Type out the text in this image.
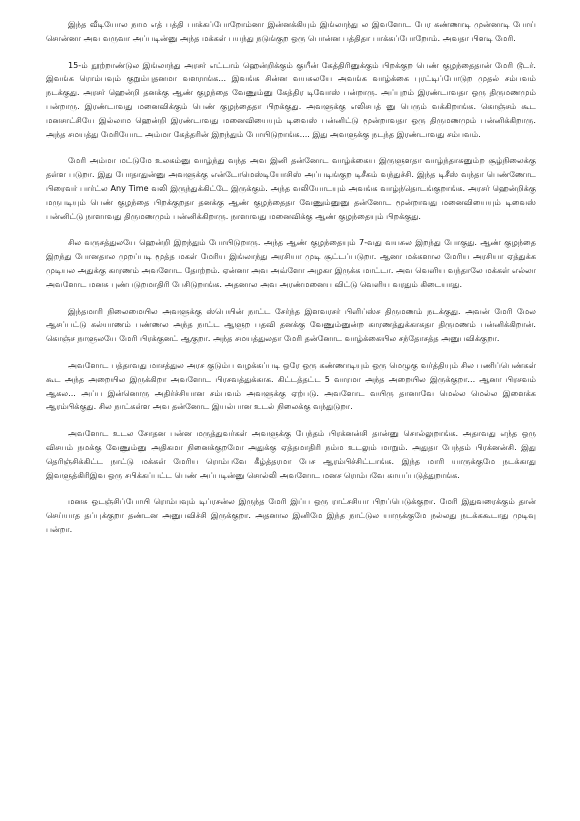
இந்த வீடியோல நாம எத் பத்தி பாக்கப்போறோம்னா இன்னக்கியும் இங்லாந்து ல இவளோட பேர கண்ணாடி முன்னாடி போய் சொன்னா அவ வருவா அப்படின்னு அந்த மக்கள் பயந்து நடுங்குற ஒரு பொன்ன பத்திதா பாக்கப்போறோம். அவதா பிளடி மேரி.

15-ம் நூற்றாண்டுல இங்லாந்து அரசர் எட்டாம் ஹென்றிக்கும் குயீன் கேத்திரினுக்கும் பிறக்குற பெண் குழந்தைதான் மேரி டூடர். இவங்க ரொம்பவும் குறும்புதனமா வளராங்க... இவங்க சின்ன வயசுலயே அவங்க வாழ்க்கை புரட்டிப்போடுற முதல் சம்பவம் நடக்குது. அரசர் ஹென்றி தனக்கு ஆண் குழந்தை வேணும்னு கேத்திர டிவோஸ் பன்றாரு. அப்புறம் இரண்டாவதா ஒரு திருமணமும் பன்றாரு. இரண்டாவது மனைவிக்கும் பெண் குழந்தைதா பிறக்குது. அவளுக்கு எலிசபத் னு பெரும் வக்கிறாங்க. கொஞ்சம் கூட மனசாட்சியே இல்லாம ஹென்றி இரண்டாவது மனைவியையும் டிவைஸ் பன்னிட்டு மூன்றாவதா ஒரு திருமணமும் பன்னிக்கிறாரு. அந்த சமயத்து மேரியோட அம்மா கேத்தரின் இறந்தும் போயிடுறாங்க.... இது அவளுக்கு நடந்த இரண்டாவது சம்பவம்.

மேரி அம்மா மட்டுமே உலகம்னு வாழ்ந்து வந்த அவ இனி தன்னோட வாழ்க்கைய இருளுளதா வாழ்ந்தாகனும்ற சூழ்நிலைக்கு தள்ள படுறா. இது போதாதுன்னு அவளுக்கு என்டோமெஸ்டியோசிஸ் அப்படிங்குற டிசீசும் வந்துச்சி. இந்த டிசீஸ் வந்தா பெண்ணோட பிரைவர் பார்ட்ல Any Time வலி இருந்துக்கிட்டே இருக்கும். அந்த வலியோடயும் அவங்க வாழ்ந்தொடங்குறாங்க. அரசர் ஹென்றிக்கு மருபடியும் பெண் குழந்தை பிறக்குறதா தனக்கு ஆண் குழந்தைதா வேணும்னுனு தன்னோட மூன்றாவது மனைவியையும் டிவைஸ் பன்னிட்டு நாளாவது திருமணமும் பன்னிக்கிறாரு. நாளாவது மனைவிக்கு ஆண் குழந்தையும் பிறக்குது.

சில வருசத்துலயே ஹென்றி இறந்தும் போயிடுறாரு. அந்த ஆண் குழந்தையும் 7-வது வயசுல இறந்து போகுது. ஆண் குழந்தை இறந்து போனதால முறப்படி மூத்த மகள் மேரிய இங்லாந்து அரசியா முடி சூட்டப்படுறா. ஆனா மக்களால மேரிய அரசியா ஏத்துக்க முடியல அதுக்கு காரணம் அவளோட தோற்றம். ஏன்னா அவ அவ்ளோ அழகா இருக்க மாட்டா. அவ வெளிய வந்தாலே மக்கள் எல்லா அவளோட மனசு புண்படுறமாதிரி பேசிடுறாங்க. அதனால அவ அரண்மனைய விட்டு வெளிய வரதும் கிடையாது.

இந்தமாரி நிலைமையில அவளுக்கு ஸ்பெயின் நாட்ட சேர்ந்த இளவரசர் பிளிப்ஸ்ச திருமணம் நடக்குது. அவன் மேரி மேல ஆசப்பட்டு கல்யாணம் பண்ணல அந்த நாட்ட ஆளுற பதவி தனக்கு வேணும்னுன்ற காரணத்துக்காகதா திருமணம் பன்னிக்கிறான். கொஞ்ச நாளுலயே மேரி பிரக்குனட் ஆகுறா. அந்த சமயத்துலதா மேரி தன்னோட வாழ்க்கையில சந்தோசத்த அனுபவிக்குறா.

அவளோட பத்தாவது மாசத்துல அரச குடும்ப வழக்கப்படி ஒரே ஒரு கண்ணாடியும் ஒரு மெழுகு வர்த்தியும் சில பணிப்பெண்கள் கூட அந்த அறையில இருக்கிறா அவளோட பிரசவத்துக்காக. கிட்டத்தட்ட 5 வாரமா அந்த அறையில இருக்குறா... ஆனா பிரசவம் ஆகல... அப்ப இன்னொரு அதிர்ச்சியான சம்பவம் அவளுக்கு ஏற்படு. அவளோட வயிரு தானாவே மெல்ல மெல்ல இளைக்க ஆரம்பிக்குது. சில நாட்கள்ள அவ தன்னோட இயல்பான உடல் நிலைக்கு வந்துடுறா.

அவளோட உடல சோதன பன்ன மருத்துவர்கள் அவளுக்கு பேந்தம் பிரக்னன்சி தான்னு சொல்லுறாங்க. அதாவது எந்த ஒரு விசயம் நமக்கு வேணும்னு அதிகமா நினைக்குறமோ அதுக்கு ஏத்தமாதிரி நம்ம உடலும் மாறும். அதுதா பேந்தம் பிரக்னன்சி. இது தெரிஞ்சிக்கிட்ட நாட்டு மக்கள் மேரிய ரொம்பவே கீழ்த்தரமா பேச ஆரம்பிச்சிட்டாங்க. இந்த மாரி யாருக்குமே நடக்காது இவளுத்கிரிஇவ ஒரு சபிக்கப்பட்ட பெண் அப்படின்னு சொல்லி அவளோட மனச ரொம்பவே காயப்படுத்துறாங்க.

மனசு ஒடஞ்சிப்போயி ரொம்பவும் டிப்ரசன்ல இருந்த மேரி இப்ப ஒரு ராட்சசியா பிறப்பெடுக்குறா. மேரி இதுவரைக்கும் தான் செய்யாத தப்புக்குறா தண்டன அனுபவிச்சி இருக்குறா. அதனால இனிமே இந்த நாட்டுல யாருக்குமே நல்லது நடக்ககூடாது முடிவு பன்றா.
